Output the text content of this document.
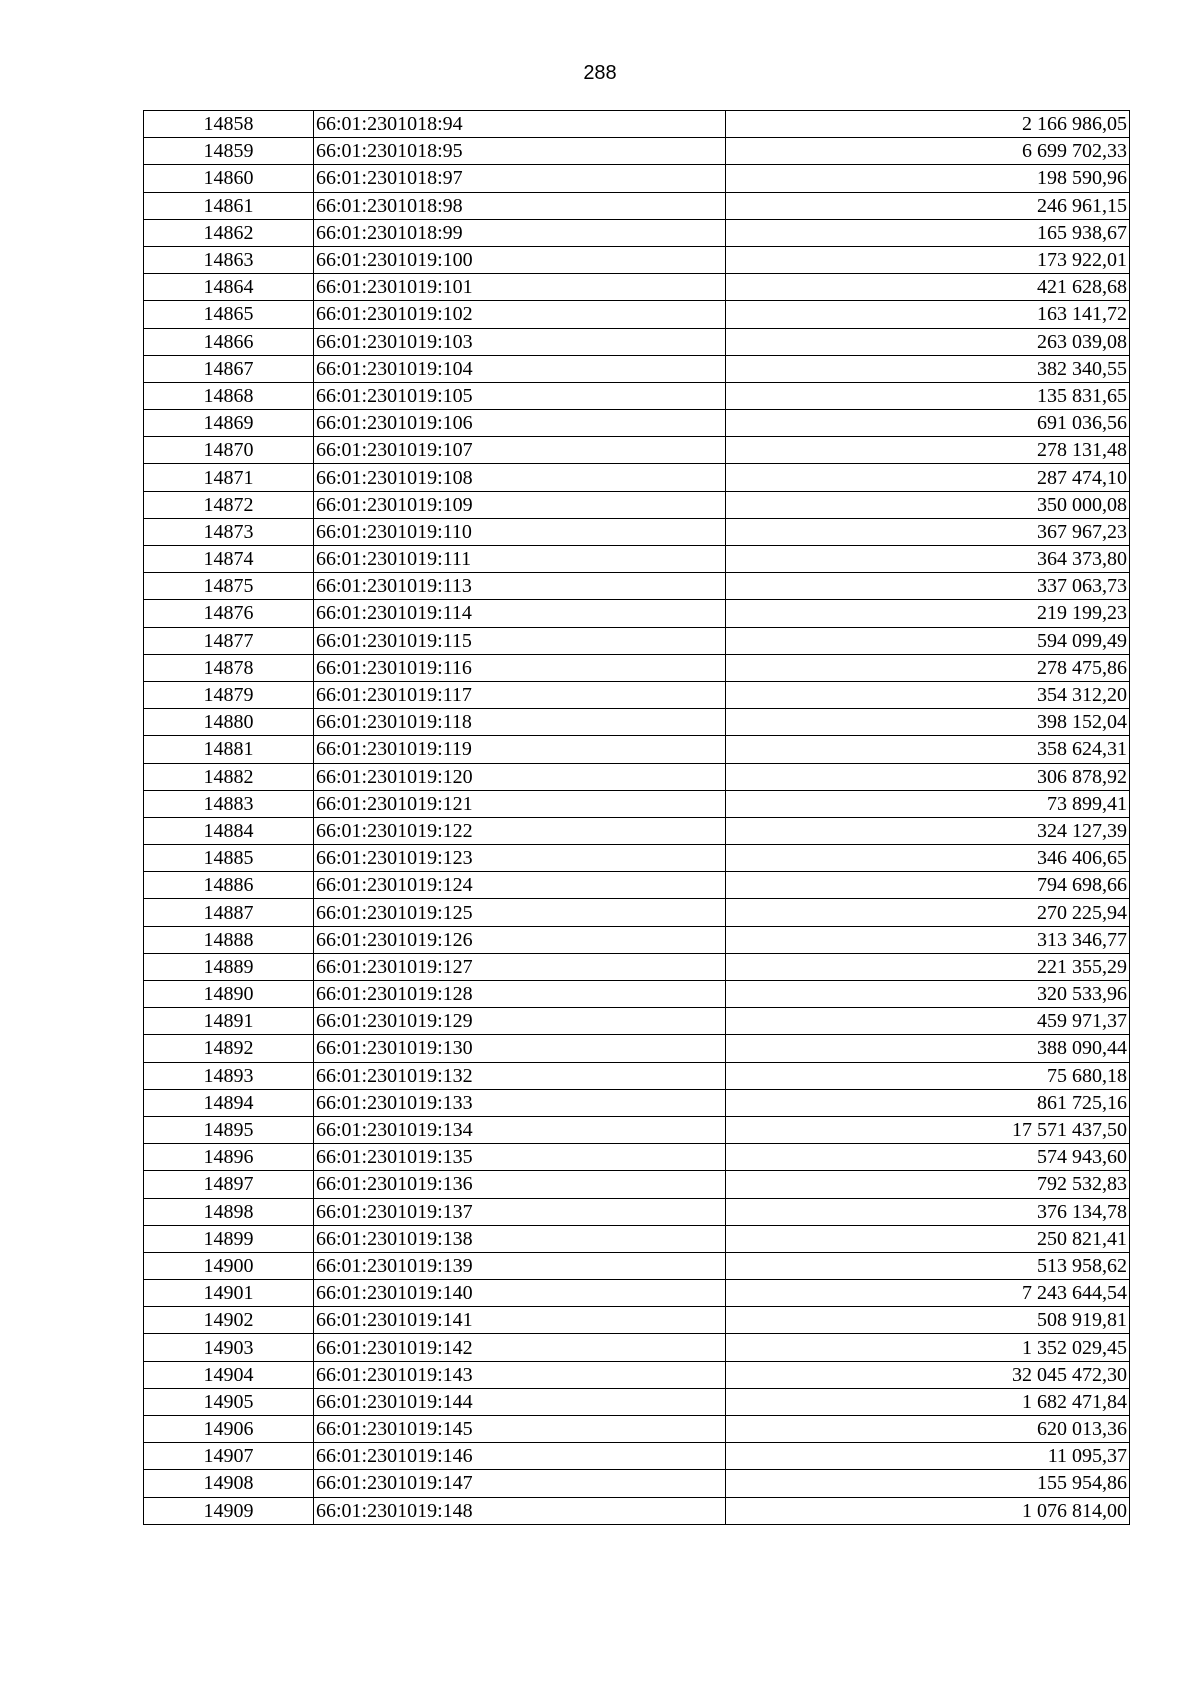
288
14858	66:01:2301018:94	2 166 986,05
14859	66:01:2301018:95	6 699 702,33
14860	66:01:2301018:97	198 590,96
14861	66:01:2301018:98	246 961,15
14862	66:01:2301018:99	165 938,67
14863	66:01:2301019:100	173 922,01
14864	66:01:2301019:101	421 628,68
14865	66:01:2301019:102	163 141,72
14866	66:01:2301019:103	263 039,08
14867	66:01:2301019:104	382 340,55
14868	66:01:2301019:105	135 831,65
14869	66:01:2301019:106	691 036,56
14870	66:01:2301019:107	278 131,48
14871	66:01:2301019:108	287 474,10
14872	66:01:2301019:109	350 000,08
14873	66:01:2301019:110	367 967,23
14874	66:01:2301019:111	364 373,80
14875	66:01:2301019:113	337 063,73
14876	66:01:2301019:114	219 199,23
14877	66:01:2301019:115	594 099,49
14878	66:01:2301019:116	278 475,86
14879	66:01:2301019:117	354 312,20
14880	66:01:2301019:118	398 152,04
14881	66:01:2301019:119	358 624,31
14882	66:01:2301019:120	306 878,92
14883	66:01:2301019:121	73 899,41
14884	66:01:2301019:122	324 127,39
14885	66:01:2301019:123	346 406,65
14886	66:01:2301019:124	794 698,66
14887	66:01:2301019:125	270 225,94
14888	66:01:2301019:126	313 346,77
14889	66:01:2301019:127	221 355,29
14890	66:01:2301019:128	320 533,96
14891	66:01:2301019:129	459 971,37
14892	66:01:2301019:130	388 090,44
14893	66:01:2301019:132	75 680,18
14894	66:01:2301019:133	861 725,16
14895	66:01:2301019:134	17 571 437,50
14896	66:01:2301019:135	574 943,60
14897	66:01:2301019:136	792 532,83
14898	66:01:2301019:137	376 134,78
14899	66:01:2301019:138	250 821,41
14900	66:01:2301019:139	513 958,62
14901	66:01:2301019:140	7 243 644,54
14902	66:01:2301019:141	508 919,81
14903	66:01:2301019:142	1 352 029,45
14904	66:01:2301019:143	32 045 472,30
14905	66:01:2301019:144	1 682 471,84
14906	66:01:2301019:145	620 013,36
14907	66:01:2301019:146	11 095,37
14908	66:01:2301019:147	155 954,86
14909	66:01:2301019:148	1 076 814,00
